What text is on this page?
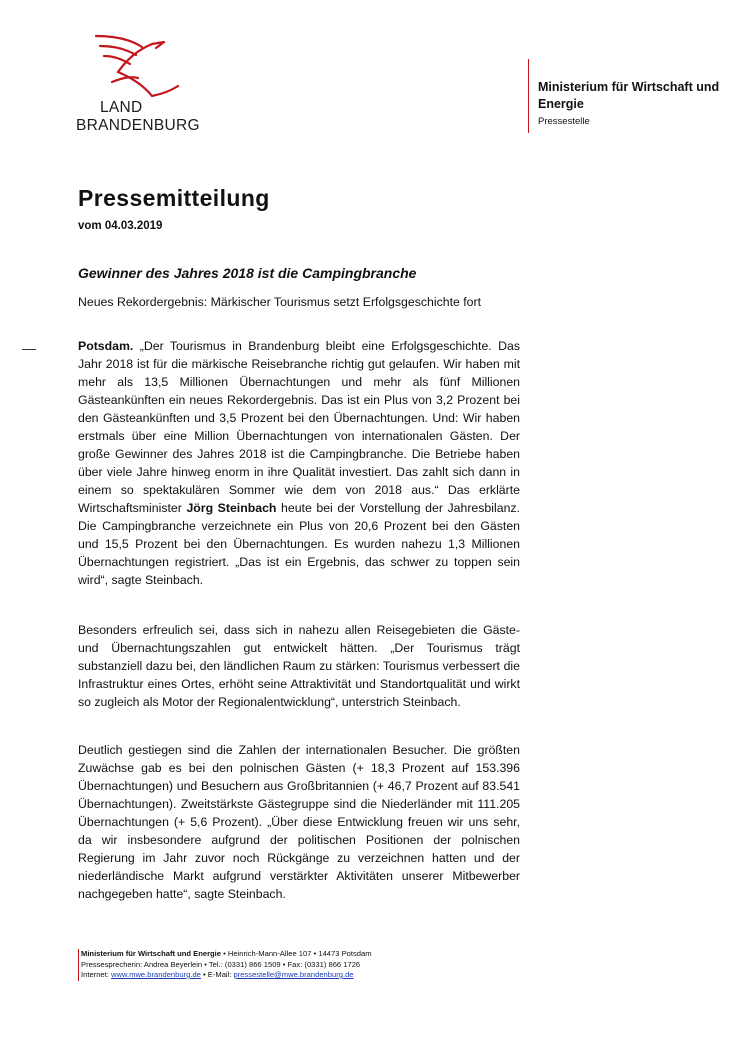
LAND
BRANDENBURG
Ministerium für Wirtschaft und Energie
Pressestelle
Pressemitteilung
vom 04.03.2019
Gewinner des Jahres 2018 ist die Campingbranche
Neues Rekordergebnis: Märkischer Tourismus setzt Erfolgsgeschichte fort

Potsdam. „Der Tourismus in Brandenburg bleibt eine Erfolgsgeschichte. Das Jahr 2018 ist für die märkische Reisebranche richtig gut gelaufen. Wir haben mit mehr als 13,5 Millionen Übernachtungen und mehr als fünf Millionen Gästeankünften ein neues Rekordergebnis. Das ist ein Plus von 3,2 Prozent bei den Gästeankünften und 3,5 Prozent bei den Übernachtungen. Und: Wir haben erstmals über eine Million Übernachtungen von internationalen Gästen. Der große Gewinner des Jahres 2018 ist die Campingbranche. Die Betriebe haben über viele Jahre hinweg enorm in ihre Qualität investiert. Das zahlt sich dann in einem so spektakulären Sommer wie dem von 2018 aus.“ Das erklärte Wirtschaftsminister Jörg Steinbach heute bei der Vorstellung der Jahresbilanz. Die Campingbranche verzeichnete ein Plus von 20,6 Prozent bei den Gästen und 15,5 Prozent bei den Übernachtungen. Es wurden nahezu 1,3 Millionen Übernachtungen registriert. „Das ist ein Ergebnis, das schwer zu toppen sein wird“, sagte Steinbach.

Besonders erfreulich sei, dass sich in nahezu allen Reisegebieten die Gäste- und Übernachtungszahlen gut entwickelt hätten. „Der Tourismus trägt substanziell dazu bei, den ländlichen Raum zu stärken: Tourismus verbessert die Infrastruktur eines Ortes, erhöht seine Attraktivität und Standortqualität und wirkt so zugleich als Motor der Regionalentwicklung“, unterstrich Steinbach.

Deutlich gestiegen sind die Zahlen der internationalen Besucher. Die größten Zuwächse gab es bei den polnischen Gästen (+ 18,3 Prozent auf 153.396 Übernachtungen) und Besuchern aus Großbritannien (+ 46,7 Prozent auf 83.541 Übernachtungen). Zweitstärkste Gästegruppe sind die Niederländer mit 111.205 Übernachtungen (+ 5,6 Prozent). „Über diese Entwicklung freuen wir uns sehr, da wir insbesondere aufgrund der politischen Positionen der polnischen Regierung im Jahr zuvor noch Rückgänge zu verzeichnen hatten und der niederländische Markt aufgrund verstärkter Aktivitäten unserer Mitbewerber nachgegeben hatte“, sagte Steinbach.

Ministerium für Wirtschaft und Energie • Heinrich-Mann-Allee 107 • 14473 Potsdam
Pressesprecherin: Andrea Beyerlein • Tel.: (0331) 866 1509 • Fax: (0331) 866 1726
Internet: www.mwe.brandenburg.de • E-Mail: pressestelle@mwe.brandenburg.de
